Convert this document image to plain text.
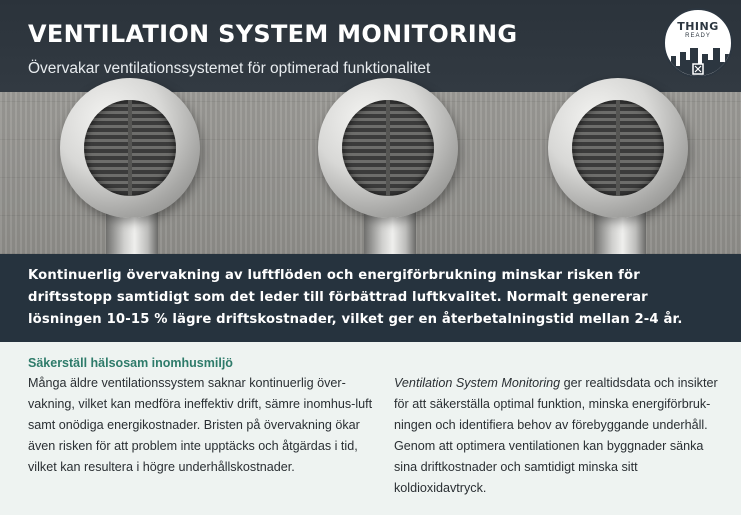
VENTILATION SYSTEM MONITORING
Övervakar ventilationssystemet för optimerad funktionalitet
THING
READY

Kontinuerlig övervakning av luftflöden och energiförbrukning minskar risken för driftsstopp samtidigt som det leder till förbättrad luftkvalitet. Normalt genererar lösningen 10-15 % lägre driftskostnader, vilket ger en återbetalningstid mellan 2-4 år.

Säkerställ hälsosam inomhusmiljö

Många äldre ventilationssystem saknar kontinuerlig över-vakning, vilket kan medföra ineffektiv drift, sämre inomhus-luft samt onödiga energikostnader. Bristen på övervakning ökar även risken för att problem inte upptäcks och åtgärdas i tid, vilket kan resultera i högre underhållskostnader.

Ventilation System Monitoring ger realtidsdata och insikter för att säkerställa optimal funktion, minska energiförbruk-ningen och identifiera behov av förebyggande underhåll. Genom att optimera ventilationen kan byggnader sänka sina driftkostnader och samtidigt minska sitt koldioxidavtryck.
